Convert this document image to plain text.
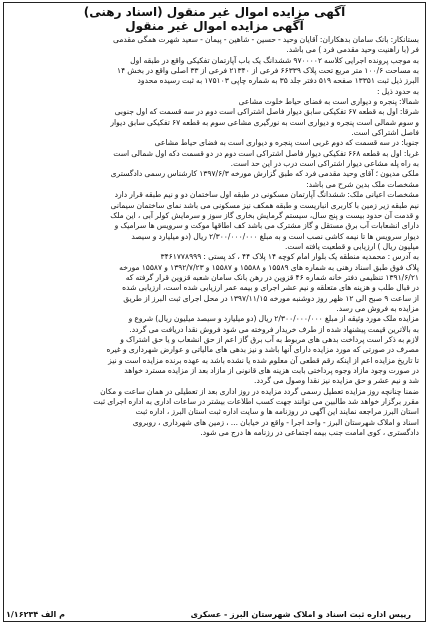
آگهی مزایده اموال غیر منقول (اسناد رهنی)
آگهی مزایده اموال غیر منقول
بستانکار: بانک سامان بدهکاران: آقایان وحید - حسین - شاهین - پیمان - سعید شهرت همگی مقدمی
فر (با راهنیت وحید مقدمی فرد ) می باشد.
به موجب پرونده اجرایی کلاسه ۹۷۰۰۰۰۲ ششدانگ یک باب آپارتمان تفکیکی واقع در طبقه اول
به مساحت ۱۰۰/۶ متر مربع تحت پلاک ۶۶۳۳۹ فرعی از ۲۱۳۴۰ فرعی از ۳۳ اصلی واقع در بخش ۱۴
البرز ذیل ثبت ۱۳۳۵۱ صفحه ۵۱۹ دفتر جلد ۳۵ به شماره چاپی ۱۷۵۱۰۳ به ثبت رسیده محدود
به حدود ذیل :
شمالا: پنجره و دیواری است به فضای حیاط خلوت مشاعی
شرقا: اول به قطعه ۶۷ تفکیکی سابق دیوار فاصل اشتراکی است دوم در سه قسمت که اول جنوبی
و سوم شمالی است پنجره و دیواری است به نورگیری مشاعی سوم به قطعه ۶۷ تفکیکی سابق دیوار
فاصل اشتراکی است.
جنوبا: در سه قسمت که دوم غربی است پنجره و دیواری است به فضای حیاط مشاعی
غربا: اول به قطعه ۶۶۸ تفکیکی دیوار فاصل اشتراکی است دوم در دو قسمت دکه اول شمالی است
به راه پله مشاعی دیوار اشتراکی است درب در این حد است.
ملکی مدیون ؛ آقای وحید مقدمی فرد که طبق گزارش مورخه ۱۳۹۷/۶/۳ کارشناس رسمی دادگستری
مشخصات ملک بدین شرح می باشد:
مشخصات اعیانی ملک: ششدانگ آپارتمان مسکونی در طبقه اول ساختمان دو و نیم طبقه قرار دارد
نیم طبقه زیر زمین با کاربری انباریست و طبقه همکف نیز مسکونی می باشد نمای ساختمان سیمانی
و قدمت آن حدود بیست و پنج سال، سیستم گرمایش بخاری گاز سوز و سرمایش کولر آبی ، این ملک
دارای انشعابات آب برق مستقل و گاز مشترک می باشد کف اطاقها موکت و سرویس ها سرامیک و
دیوار سرویس ها تا نیمه کاشی نصب است و به مبلغ ۲/۳۰۰/۰۰۰/۰۰۰ ریال (دو میلیارد و سیصد
میلیون ریال ) ارزیابی و قطعیت یافته است.
به آدرس : محمدیه منطقه یک بلوار امام کوچه ۱۴ پلاک ۴۴ ، کد پستی : ۳۴۶۱۷۷۸۹۹۹
پلاک فوق طبق اسناد رهنی به شماره های ۱۵۵۸۹ و ۱۵۵۸۸ و ۱۵۵۸۷ و ۱۳۹۲/۷/۲۳ و ۱۵۵۸۷ مورخه
۱۳۹۱/۶/۲۱ تنظیمی دفتر خانه شماره ۴۶ قزوین در رهن بانک سامان شعبه قزوین قرار گرفته که
در قبال طلب و هزینه های متعلقه و نیم عشر اجرای و بیمه عمر ارزیابی شده است، ارزیابی شده
از ساعت ۹ صبح الی ۱۲ ظهر روز دوشنبه مورخه ۱۳۹۷/۱۱/۱۵ در محل اجرای ثبت البرز از طریق
مزایده به فروش می رسد.
مزایده ملک مورد وثیقه از مبلغ ۲/۳۰۰/۰۰۰/۰۰۰ ریال (دو میلیارد و سیصد میلیون ریال) شروع و
به بالاترین قیمت پیشنهاد شده از طرف خریدار فروخته می شود فروش نقدا دریافت می گردد.
لازم به ذکر است پرداخت بدهی های مربوط به آب برق گاز اعم از حق انشعاب و یا حق اشتراک و
مصرف در صورتی که مورد مزایده دارای آنها باشد و نیز بدهی های مالیاتی و عوارض شهرداری و غیره
تا تاریخ مزایده اعم از اینکه رقم قطعی آن معلوم شده یا نشده باشد به عهده برنده مزایده است و نیز
در صورت وجود مازاد وجوه پرداختی بابت هزینه های قانونی از مازاد بعد از مزایده مسترد خواهد
شد و نیم عشر و حق مزایده نیز نقدا وصول می گردد.
ضمنا چنانچه روز مزایده تعطیل رسمی گردد مزایده در روز اداری بعد از تعطیلی در همان ساعت و مکان
مقرر برگزار خواهد شد طالبین می توانند جهت کسب اطلاعات بیشتر در ساعات اداری به اداره اجرای ثبت
استان البرز مراجعه نمایند این آگهی در روزنامه ها و سایت اداره ثبت استان البرز ، اداره ثبت
اسناد و املاک شهرستان البرز - واحد اجرا - واقع در خیابان ... ، زمین های شهرداری ، روبروی
دادگستری ، کوی امامت جنب بیمه اجتماعی در رزنامه ها درج می شود.
۱/۱۶۲۳۴ م الف	رییس اداره ثبت اسناد و املاک شهرستان البرز - عسکری
